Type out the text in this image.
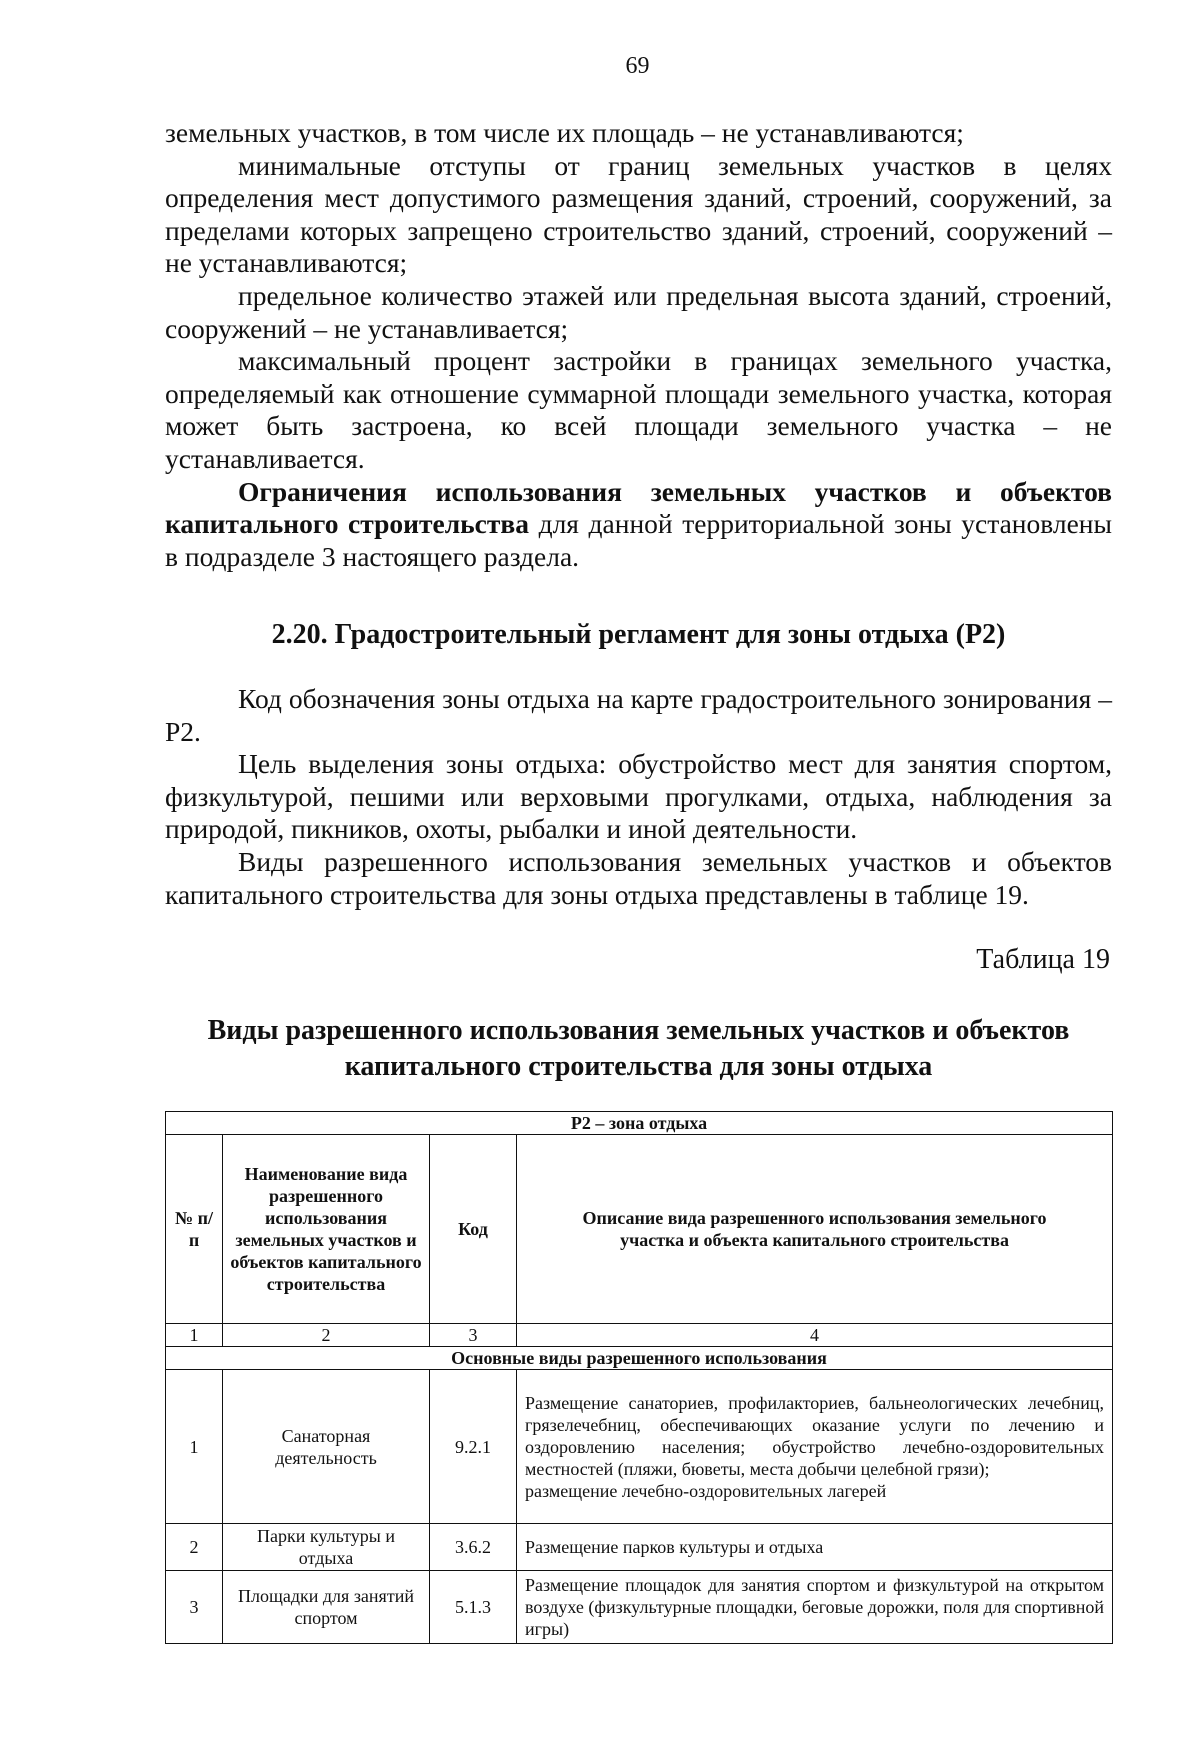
69

земельных участков, в том числе их площадь – не устанавливаются;

минимальные отступы от границ земельных участков в целях определения мест допустимого размещения зданий, строений, сооружений, за пределами которых запрещено строительство зданий, строений, сооружений – не устанавливаются;

предельное количество этажей или предельная высота зданий, строений, сооружений – не устанавливается;

максимальный процент застройки в границах земельного участка, определяемый как отношение суммарной площади земельного участка, которая может быть застроена, ко всей площади земельного участка – не устанавливается.

Ограничения использования земельных участков и объектов капитального строительства для данной территориальной зоны установлены в подразделе 3 настоящего раздела.

2.20. Градостроительный регламент для зоны отдыха (Р2)

Код обозначения зоны отдыха на карте градостроительного зонирования – Р2.

Цель выделения зоны отдыха: обустройство мест для занятия спортом, физкультурой, пешими или верховыми прогулками, отдыха, наблюдения за природой, пикников, охоты, рыбалки и иной деятельности.

Виды разрешенного использования земельных участков и объектов капитального строительства для зоны отдыха представлены в таблице 19.

Таблица 19
Виды разрешенного использования земельных участков и объектов капитального строительства для зоны отдыха
Р2 – зона отдыха			
№ п/п	Наименование вида разрешенного использования земельных участков и объектов капитального строительства	Код	Описание вида разрешенного использования земельного участка и объекта капитального строительства
1	2	3	4
Основные виды разрешенного использования			
1	Санаторная деятельность	9.2.1	Размещение санаториев, профилакториев, бальнеологических лечебниц, грязелечебниц, обеспечивающих оказание услуги по лечению и оздоровлению населения; обустройство лечебно-оздоровительных местностей (пляжи, бюветы, места добычи целебной грязи);
размещение лечебно-оздоровительных лагерей

2	Парки культуры и отдыха	3.6.2	Размещение парков культуры и отдыха

3	Площадки для занятий спортом	5.1.3	Размещение площадок для занятия спортом и физкультурой на открытом воздухе (физкультурные площадки, беговые дорожки, поля для спортивной игры)
